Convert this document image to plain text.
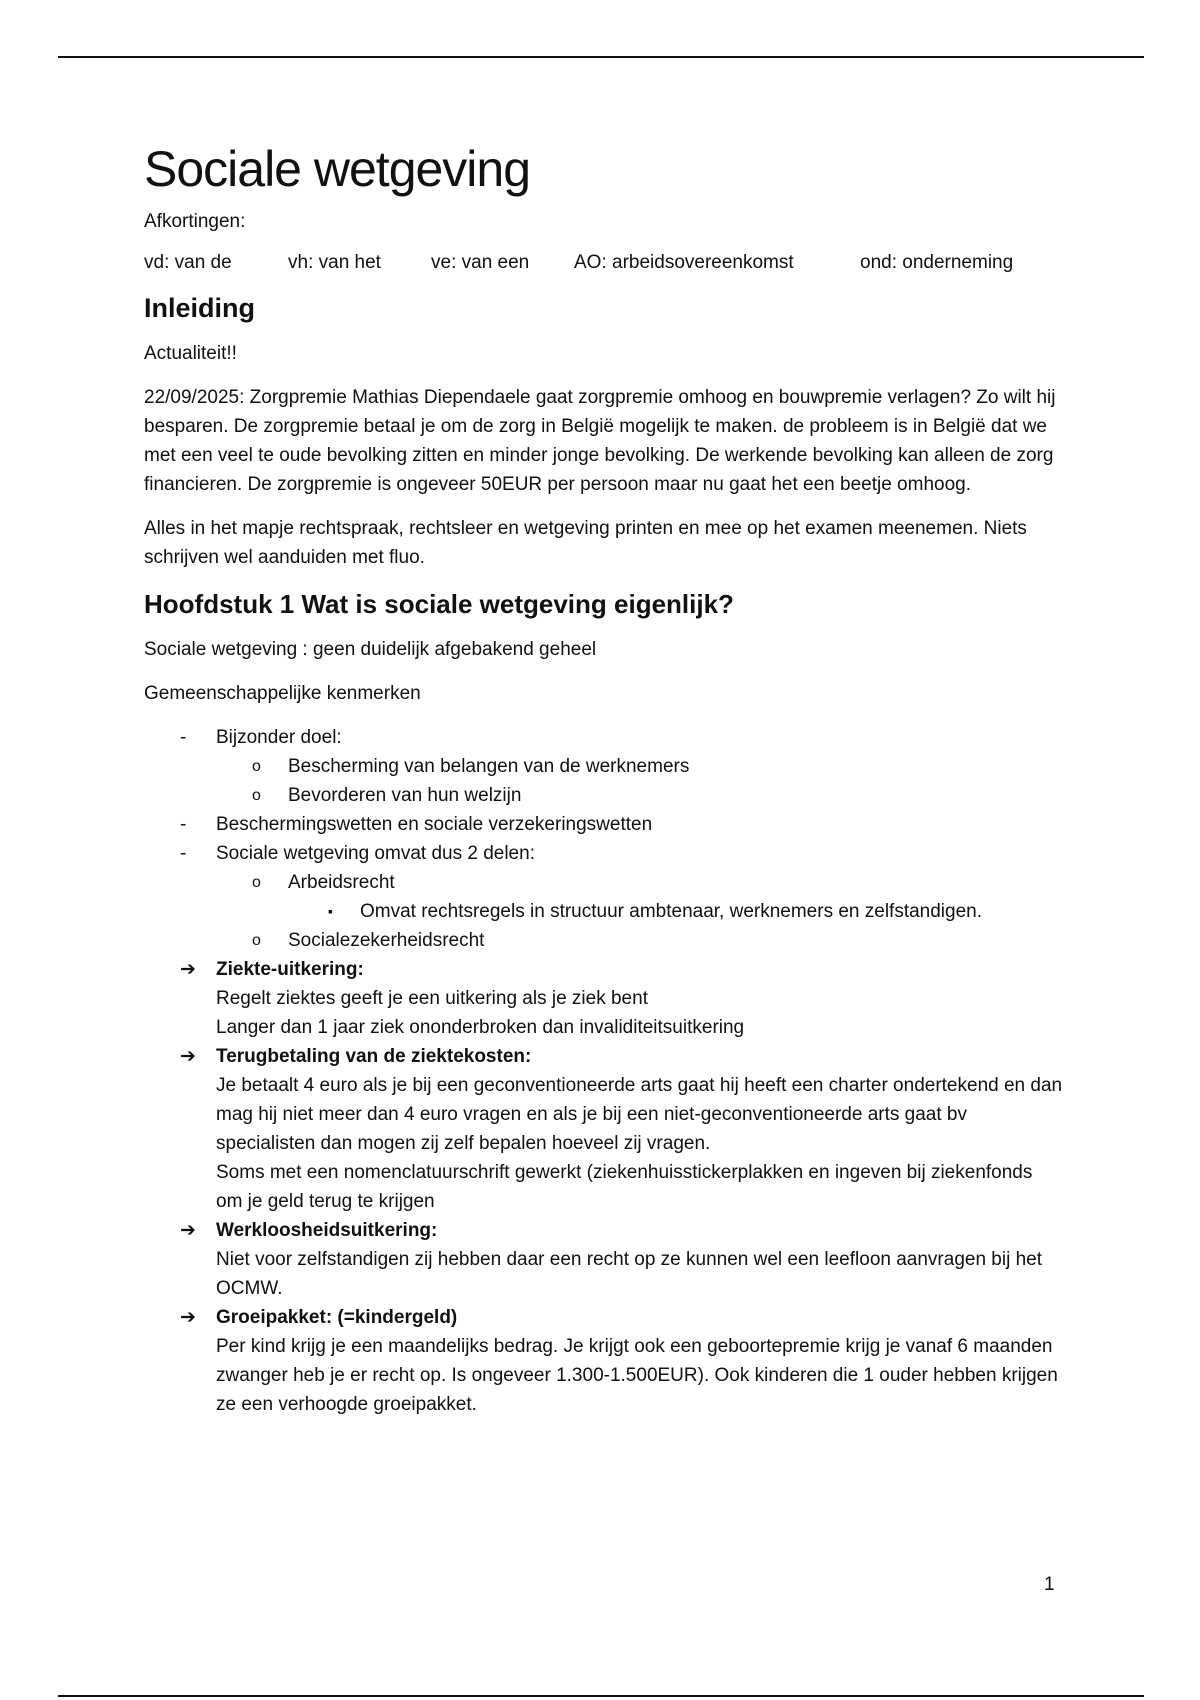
Sociale wetgeving

Afkortingen:

vd: van de	vh: van het	ve: van een	AO: arbeidsovereenkomst	ond: onderneming
Inleiding

Actualiteit!!

22/09/2025: Zorgpremie Mathias Diependaele gaat zorgpremie omhoog en bouwpremie verlagen? Zo wilt hij besparen. De zorgpremie betaal je om de zorg in België mogelijk te maken. de probleem is in België dat we met een veel te oude bevolking zitten en minder jonge bevolking. De werkende bevolking kan alleen de zorg financieren. De zorgpremie is ongeveer 50EUR per persoon maar nu gaat het een beetje omhoog.

Alles in het mapje rechtspraak, rechtsleer en wetgeving printen en mee op het examen meenemen. Niets schrijven wel aanduiden met fluo.

Hoofdstuk 1 Wat is sociale wetgeving eigenlijk?

Sociale wetgeving : geen duidelijk afgebakend geheel

Gemeenschappelijke kenmerken

- Bijzonder doel:
o Bescherming van belangen van de werknemers
o Bevorderen van hun welzijn
- Beschermingswetten en sociale verzekeringswetten
- Sociale wetgeving omvat dus 2 delen:
o Arbeidsrecht
▪ Omvat rechtsregels in structuur ambtenaar, werknemers en zelfstandigen.
o Socialezekerheidsrecht
➔ Ziekte-uitkering:
Regelt ziektes geeft je een uitkering als je ziek bent
Langer dan 1 jaar ziek ononderbroken dan invaliditeitsuitkering
➔ Terugbetaling van de ziektekosten:
Je betaalt 4 euro als je bij een geconventioneerde arts gaat hij heeft een charter ondertekend en dan mag hij niet meer dan 4 euro vragen en als je bij een niet-geconventioneerde arts gaat bv specialisten dan mogen zij zelf bepalen hoeveel zij vragen.
Soms met een nomenclatuurschrift gewerkt (ziekenhuisstickerplakken en ingeven bij ziekenfonds om je geld terug te krijgen
➔ Werkloosheidsuitkering:
Niet voor zelfstandigen zij hebben daar een recht op ze kunnen wel een leefloon aanvragen bij het OCMW.
➔ Groeipakket: (=kindergeld)
Per kind krijg je een maandelijks bedrag. Je krijgt ook een geboortepremie krijg je vanaf 6 maanden zwanger heb je er recht op. Is ongeveer 1.300-1.500EUR). Ook kinderen die 1 ouder hebben krijgen ze een verhoogde groeipakket.
1
